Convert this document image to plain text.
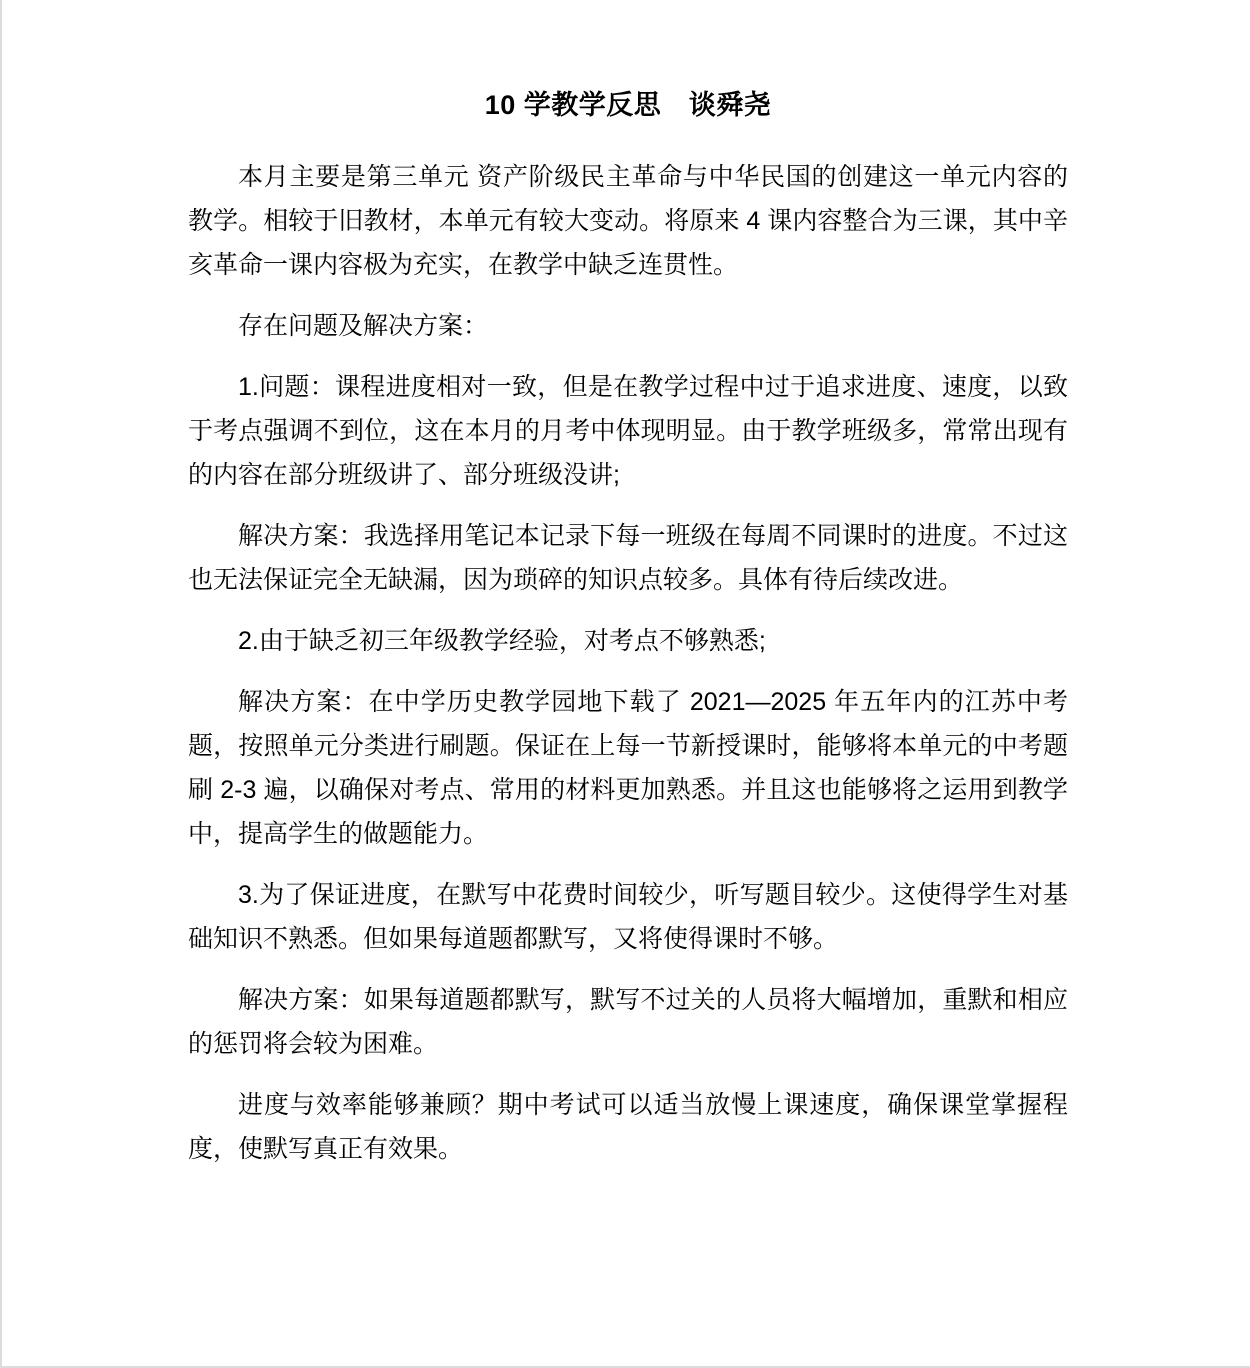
10 学教学反思　谈舜尧

本月主要是第三单元 资产阶级民主革命与中华民国的创建这一单元内容的教学。相较于旧教材，本单元有较大变动。将原来 4 课内容整合为三课，其中辛亥革命一课内容极为充实，在教学中缺乏连贯性。

存在问题及解决方案：

1.问题：课程进度相对一致，但是在教学过程中过于追求进度、速度，以致于考点强调不到位，这在本月的月考中体现明显。由于教学班级多，常常出现有的内容在部分班级讲了、部分班级没讲;

解决方案：我选择用笔记本记录下每一班级在每周不同课时的进度。不过这也无法保证完全无缺漏，因为琐碎的知识点较多。具体有待后续改进。

2.由于缺乏初三年级教学经验，对考点不够熟悉;

解决方案：在中学历史教学园地下载了 2021—2025 年五年内的江苏中考题，按照单元分类进行刷题。保证在上每一节新授课时，能够将本单元的中考题刷 2-3 遍，以确保对考点、常用的材料更加熟悉。并且这也能够将之运用到教学中，提高学生的做题能力。

3.为了保证进度，在默写中花费时间较少，听写题目较少。这使得学生对基础知识不熟悉。但如果每道题都默写，又将使得课时不够。

解决方案：如果每道题都默写，默写不过关的人员将大幅增加，重默和相应的惩罚将会较为困难。

进度与效率能够兼顾？期中考试可以适当放慢上课速度，确保课堂掌握程度，使默写真正有效果。
